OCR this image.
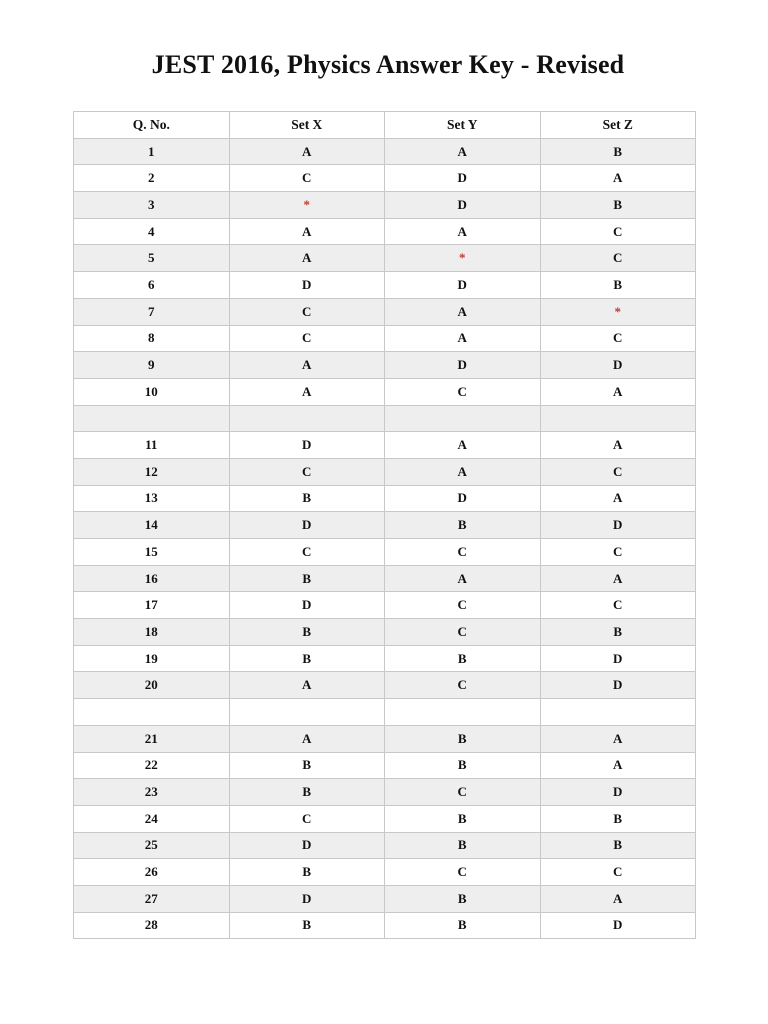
JEST 2016, Physics Answer Key - Revised
Q. No.	Set X	Set Y	Set Z
1	A	A	B
2	C	D	A
3	*	D	B
4	A	A	C
5	A	*	C
6	D	D	B
7	C	A	*
8	C	A	C
9	A	D	D
10	A	C	A

11	D	A	A
12	C	A	C
13	B	D	A
14	D	B	D
15	C	C	C
16	B	A	A
17	D	C	C
18	B	C	B
19	B	B	D
20	A	C	D

21	A	B	A
22	B	B	A
23	B	C	D
24	C	B	B
25	D	B	B
26	B	C	C
27	D	B	A
28	B	B	D
